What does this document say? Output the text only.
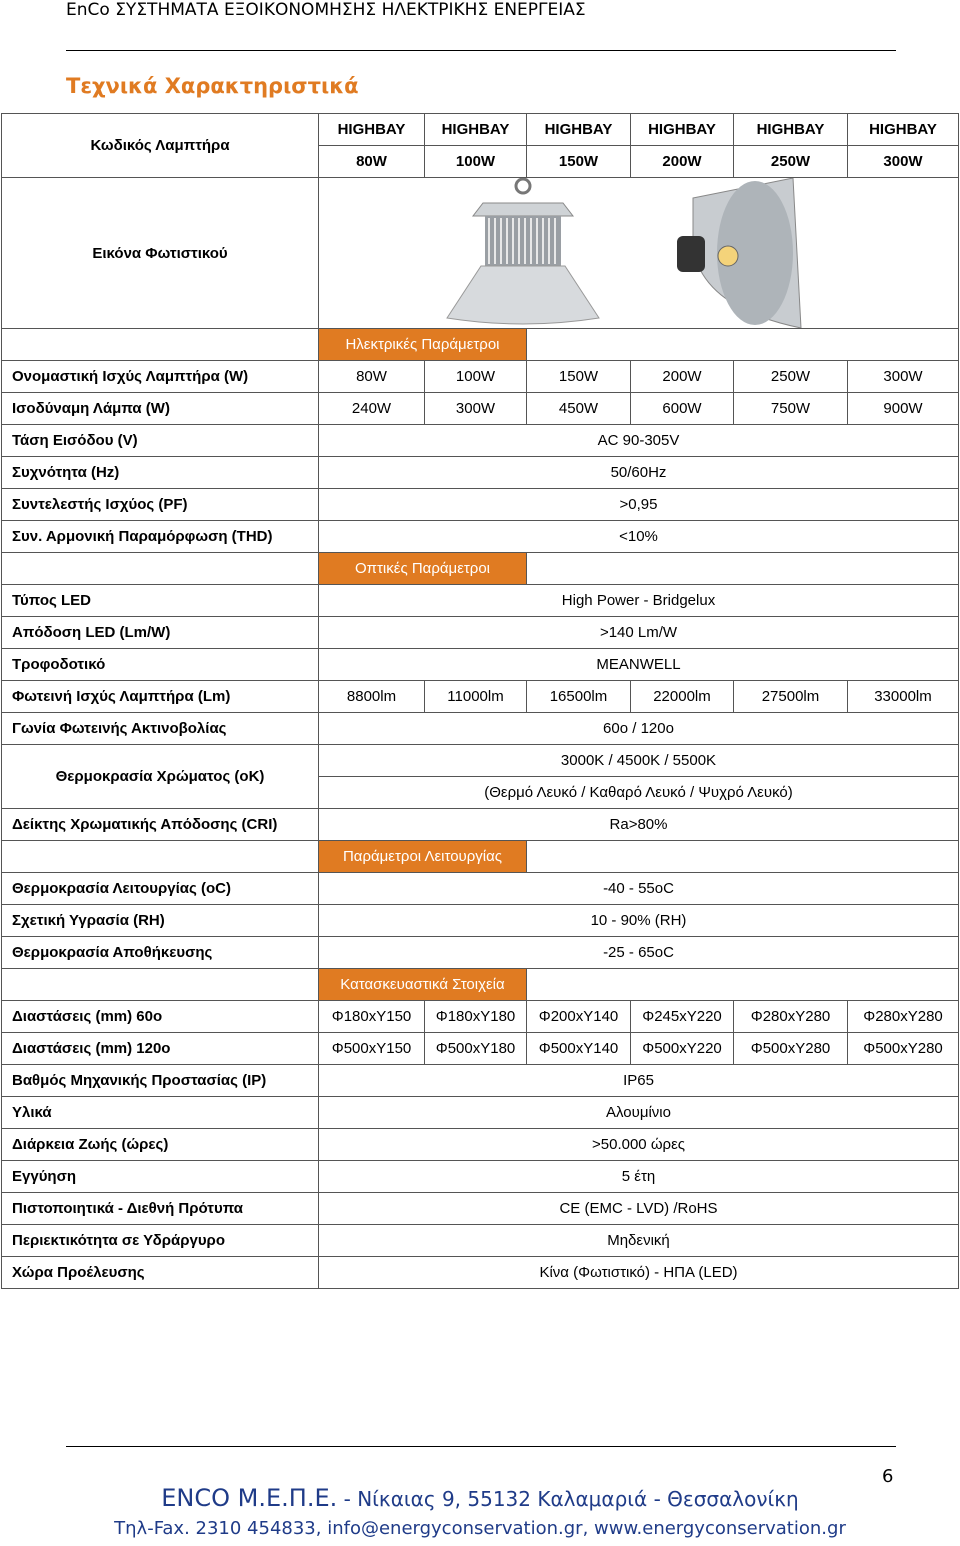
EnCo ΣΥΣΤΗΜΑΤΑ ΕΞΟΙΚΟΝΟΜΗΣΗΣ ΗΛΕΚΤΡΙΚΗΣ ΕΝΕΡΓΕΙΑΣ
Τεχνικά Χαρακτηριστικά
Κωδικός Λαμπτήρα	HIGHBAY	HIGHBAY	HIGHBAY	HIGHBAY	HIGHBAY	HIGHBAY
	80W	100W	150W	200W	250W	300W
Εικόνα Φωτιστικού	

	Ηλεκτρικές Παράμετροι					
Ονομαστική Ισχύς Λαμπτήρα (W)	80W	100W	150W	200W	250W	300W
Ισοδύναμη Λάμπα (W)	240W	300W	450W	600W	750W	900W
Τάση Εισόδου (V)	AC 90-305V					
Συχνότητα (Hz)	50/60Hz					
Συντελεστής Ισχύος (PF)	>0,95					
Συν. Αρμονική Παραμόρφωση (THD)	<10%					
	Οπτικές Παράμετροι					
Τύπος LED	High Power - Bridgelux					
Απόδοση LED (Lm/W)	>140 Lm/W					
Τροφοδοτικό	MEANWELL					
Φωτεινή Ισχύς Λαμπτήρα (Lm)	8800lm	11000lm	16500lm	22000lm	27500lm	33000lm
Γωνία Φωτεινής Ακτινοβολίας	60o / 120o					
Θερμοκρασία Χρώματος (oK)	3000K / 4500K / 5500K					
	(Θερμό Λευκό / Καθαρό Λευκό / Ψυχρό Λευκό)					
Δείκτης Χρωματικής Απόδοσης (CRI)	Ra>80%					
	Παράμετροι Λειτουργίας					
Θερμοκρασία Λειτουργίας (oC)	-40 - 55oC					
Σχετική Υγρασία (RH)	10 - 90% (RH)					
Θερμοκρασία Αποθήκευσης	-25 - 65oC					
	Κατασκευαστικά Στοιχεία					
Διαστάσεις (mm) 60o	Φ180xY150	Φ180xY180	Φ200xY140	Φ245xY220	Φ280xY280	Φ280xY280
Διαστάσεις (mm) 120o	Φ500xY150	Φ500xY180	Φ500xY140	Φ500xY220	Φ500xY280	Φ500xY280
Βαθμός Μηχανικής Προστασίας (IP)	IP65					
Υλικά	Αλουμίνιο					
Διάρκεια Ζωής (ώρες)	>50.000 ώρες					
Εγγύηση	5 έτη					
Πιστοποιητικά - Διεθνή Πρότυπα	CE (EMC - LVD) /RoHS					
Περιεκτικότητα σε Υδράργυρο	Μηδενική					
Χώρα Προέλευσης	Κίνα (Φωτιστικό) - ΗΠΑ (LED)					
6
ENCO Μ.Ε.Π.Ε. - Νίκαιας 9, 55132 Καλαμαριά - Θεσσαλονίκη
Τηλ-Fax. 2310 454833, info@energyconservation.gr, www.energyconservation.gr
